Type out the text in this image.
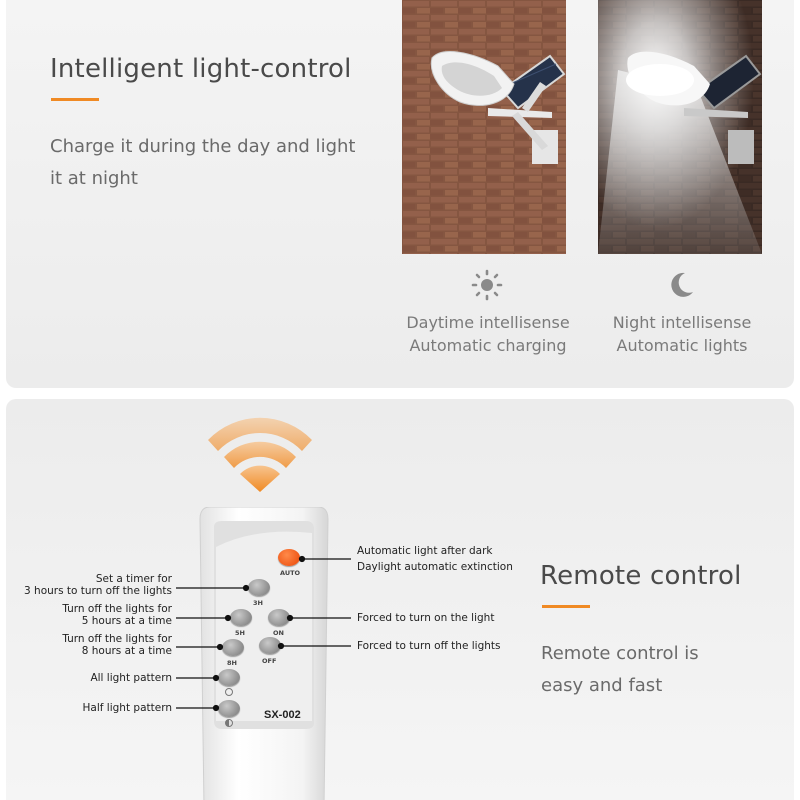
Intelligent light-control
Charge it during the day and light
it at night
Daytime intellisense
Automatic charging
Night intellisense
Automatic lights
AUTO
3H
5H	ON
8H	OFF
SX-002
Automatic light after dark
Daylight automatic extinction
Forced to turn on the light
Forced to turn off the lights
Set a timer for
3 hours to turn off the lights
Turn off the lights for
5 hours at a time
Turn off the lights for
8 hours at a time
All light pattern
Half light pattern
Remote control
Remote control is
easy and fast
